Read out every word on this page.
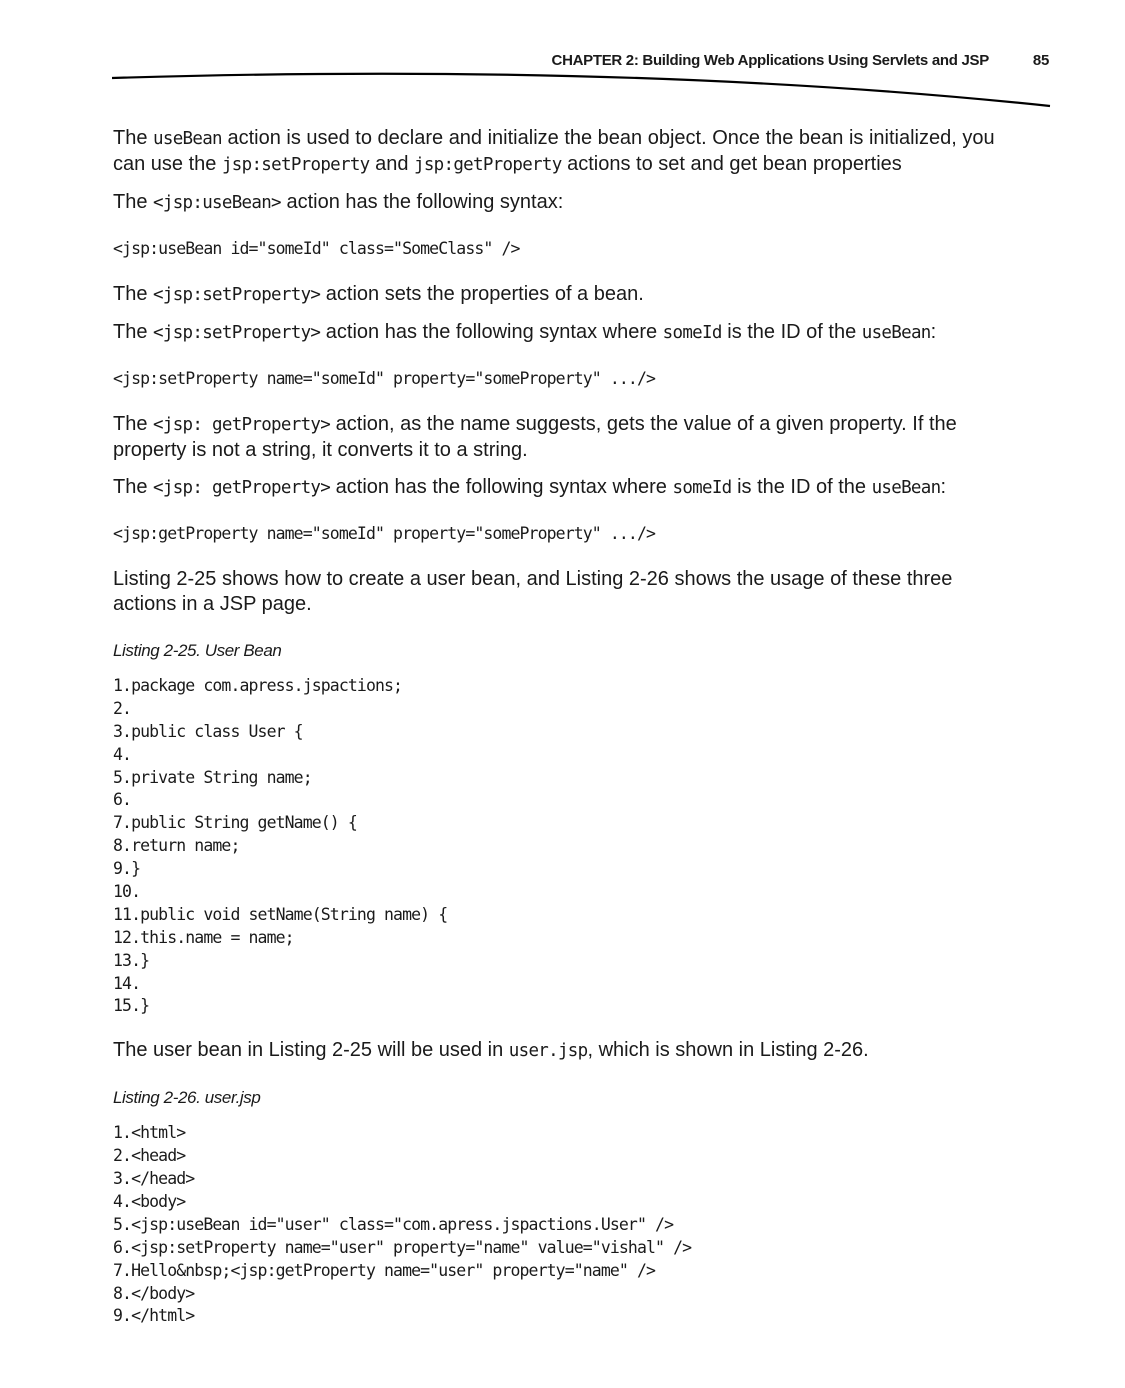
CHAPTER 2: Building Web Applications Using Servlets and JSP	85

The useBean action is used to declare and initialize the bean object. Once the bean is initialized, you can use the jsp:setProperty and jsp:getProperty actions to set and get bean properties

The <jsp:useBean> action has the following syntax:

<jsp:useBean id="someId" class="SomeClass" />

The <jsp:setProperty> action sets the properties of a bean.

The <jsp:setProperty> action has the following syntax where someId is the ID of the useBean:

<jsp:setProperty name="someId" property="someProperty" .../>

The <jsp: getProperty> action, as the name suggests, gets the value of a given property. If the property is not a string, it converts it to a string.

The <jsp: getProperty> action has the following syntax where someId is the ID of the useBean:

<jsp:getProperty name="someId" property="someProperty" .../>

Listing 2-25 shows how to create a user bean, and Listing 2-26 shows the usage of these three actions in a JSP page.

Listing 2-25. User Bean
1.package com.apress.jspactions;
2.
3.public class User {
4.
5.private String name;
6.
7.public String getName() {
8.return name;
9.}
10.
11.public void setName(String name) {
12.this.name = name;
13.}
14.
15.}

The user bean in Listing 2-25 will be used in user.jsp, which is shown in Listing 2-26.

Listing 2-26. user.jsp
1.<html>
2.<head>
3.</head>
4.<body>
5.<jsp:useBean id="user" class="com.apress.jspactions.User" />
6.<jsp:setProperty name="user" property="name" value="vishal" />
7.Hello&nbsp;<jsp:getProperty name="user" property="name" />
8.</body>
9.</html>
